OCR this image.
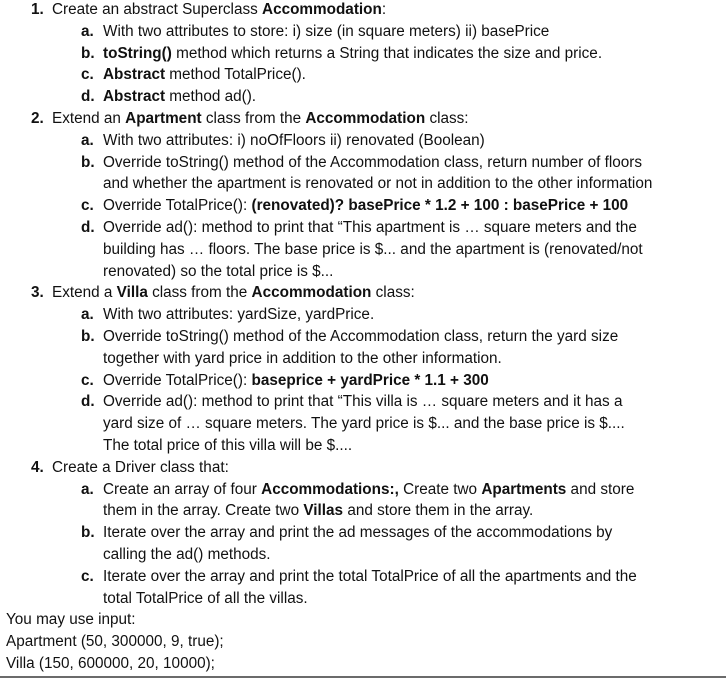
1. Create an abstract Superclass Accommodation:
a. With two attributes to store: i) size (in square meters) ii) basePrice
b. toString() method which returns a String that indicates the size and price.
c. Abstract method TotalPrice().
d. Abstract method ad().
2. Extend an Apartment class from the Accommodation class:
a. With two attributes: i) noOfFloors ii) renovated (Boolean)
b. Override toString() method of the Accommodation class, return number of floors
and whether the apartment is renovated or not in addition to the other information
c. Override TotalPrice(): (renovated)? basePrice * 1.2 + 100 : basePrice + 100
d. Override ad(): method to print that “This apartment is … square meters and the
building has … floors. The base price is $... and the apartment is (renovated/not
renovated) so the total price is $...
3. Extend a Villa class from the Accommodation class:
a. With two attributes: yardSize, yardPrice.
b. Override toString() method of the Accommodation class, return the yard size
together with yard price in addition to the other information.
c. Override TotalPrice(): baseprice + yardPrice * 1.1 + 300
d. Override ad(): method to print that “This villa is … square meters and it has a
yard size of … square meters. The yard price is $... and the base price is $....
The total price of this villa will be $....
4. Create a Driver class that:
a. Create an array of four Accommodations:, Create two Apartments and store
them in the array. Create two Villas and store them in the array.
b. Iterate over the array and print the ad messages of the accommodations by
calling the ad() methods.
c. Iterate over the array and print the total TotalPrice of all the apartments and the
total TotalPrice of all the villas.
You may use input:
Apartment (50, 300000, 9, true);
Villa (150, 600000, 20, 10000);
